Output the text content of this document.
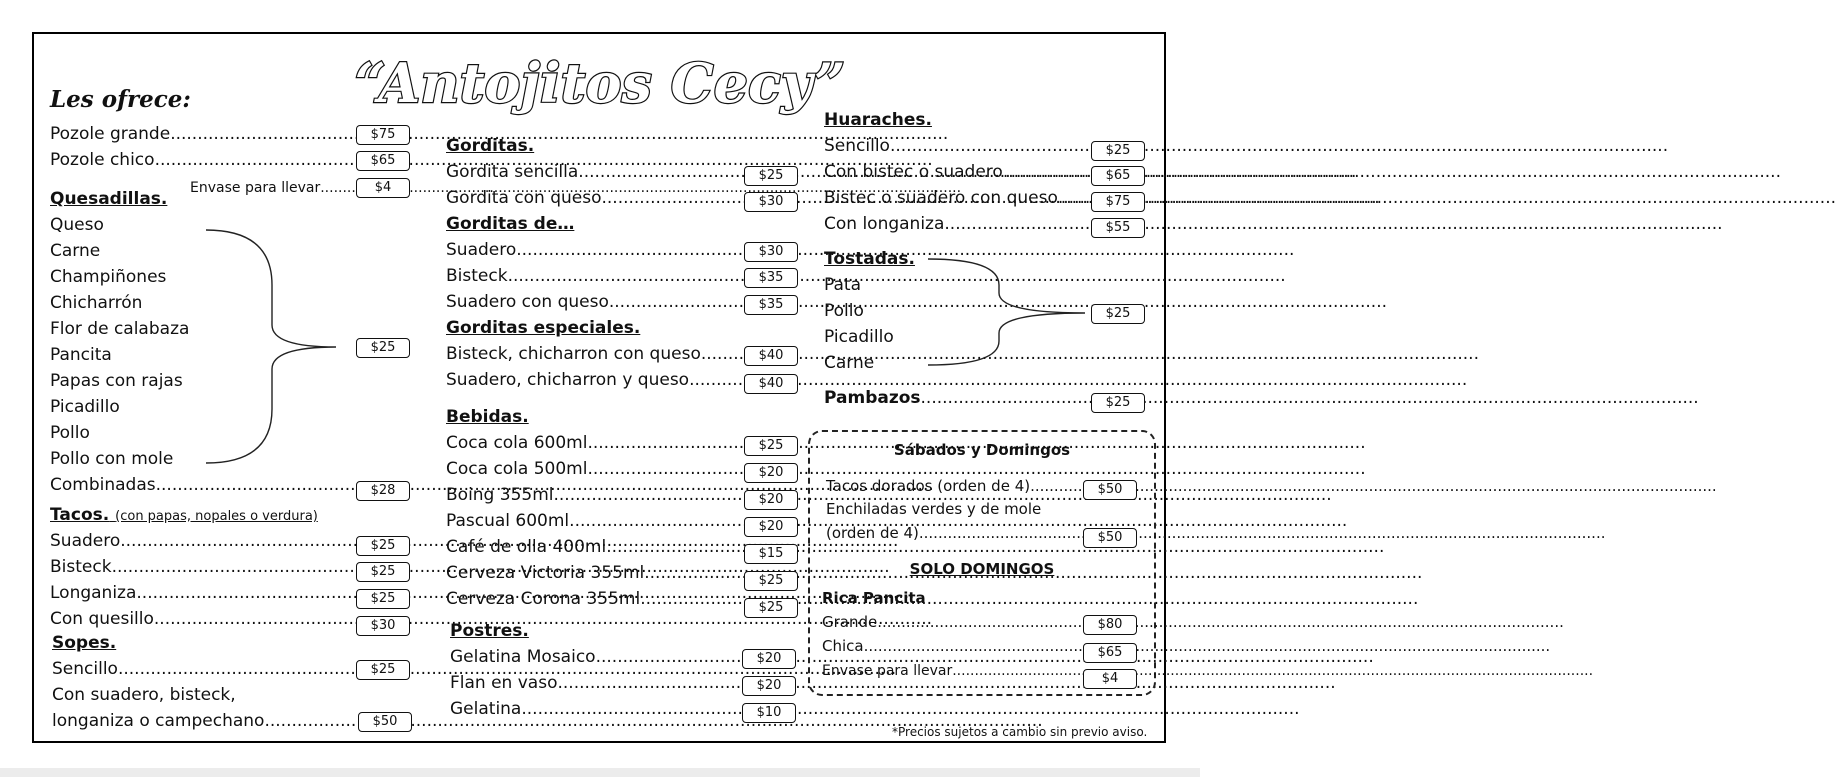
“Antojitos Cecy”
Les ofrece:
Pozole grande .....	$75
Pozole chico .....	$65
Envase para llevar .....	$4
Quesadillas.
Queso
Carne
Champiñones
Chicharrón
Flor de calabaza
Pancita
Papas con rajas
Picadillo
Pollo
Pollo con mole
$25
Combinadas .....	$28
Tacos. (con papas, nopales o verdura)
Suadero .....	$25
Bisteck .....	$25
Longaniza .....	$25
Con quesillo .....	$30
Sopes.
Sencillo .....	$25
Con suadero, bisteck,
longaniza o campechano .....	$50
Gorditas.
Gordita sencilla .....	$25
Gordita con queso .....	$30
Gorditas de…
Suadero .....	$30
Bisteck .....	$35
Suadero con queso .....	$35
Gorditas especiales.
Bisteck, chicharron con queso .....	$40
Suadero, chicharron y queso .....	$40
Bebidas.
Coca cola 600ml .....	$25
Coca cola 500ml .....	$20
Boing 355ml .....	$20
Pascual 600ml .....	$20
Café de olla 400ml .....	$15
Cerveza Victoria 355ml .....	$25
Cerveza Corona 355ml .....	$25
Postres.
Gelatina Mosaico .....	$20
Flan en vaso .....	$20
Gelatina .....	$10
Huaraches.
Sencillo .....	$25
Con bistec o suadero .....	$65
Bistec o suadero con queso .....	$75
Con longaniza .....	$55
Tostadas.
Pata
Pollo
Picadillo
Carne
$25
Pambazos .....	$25
Sábados y Domingos
Tacos dorados (orden de 4) .....	$50
Enchiladas verdes y de mole
(orden de 4) .....	$50
SOLO DOMINGOS
Rica Pancita
Grande .....	$80
Chica .....	$65
Envase para llevar .....	$4
*Precios sujetos a cambio sin previo aviso.
